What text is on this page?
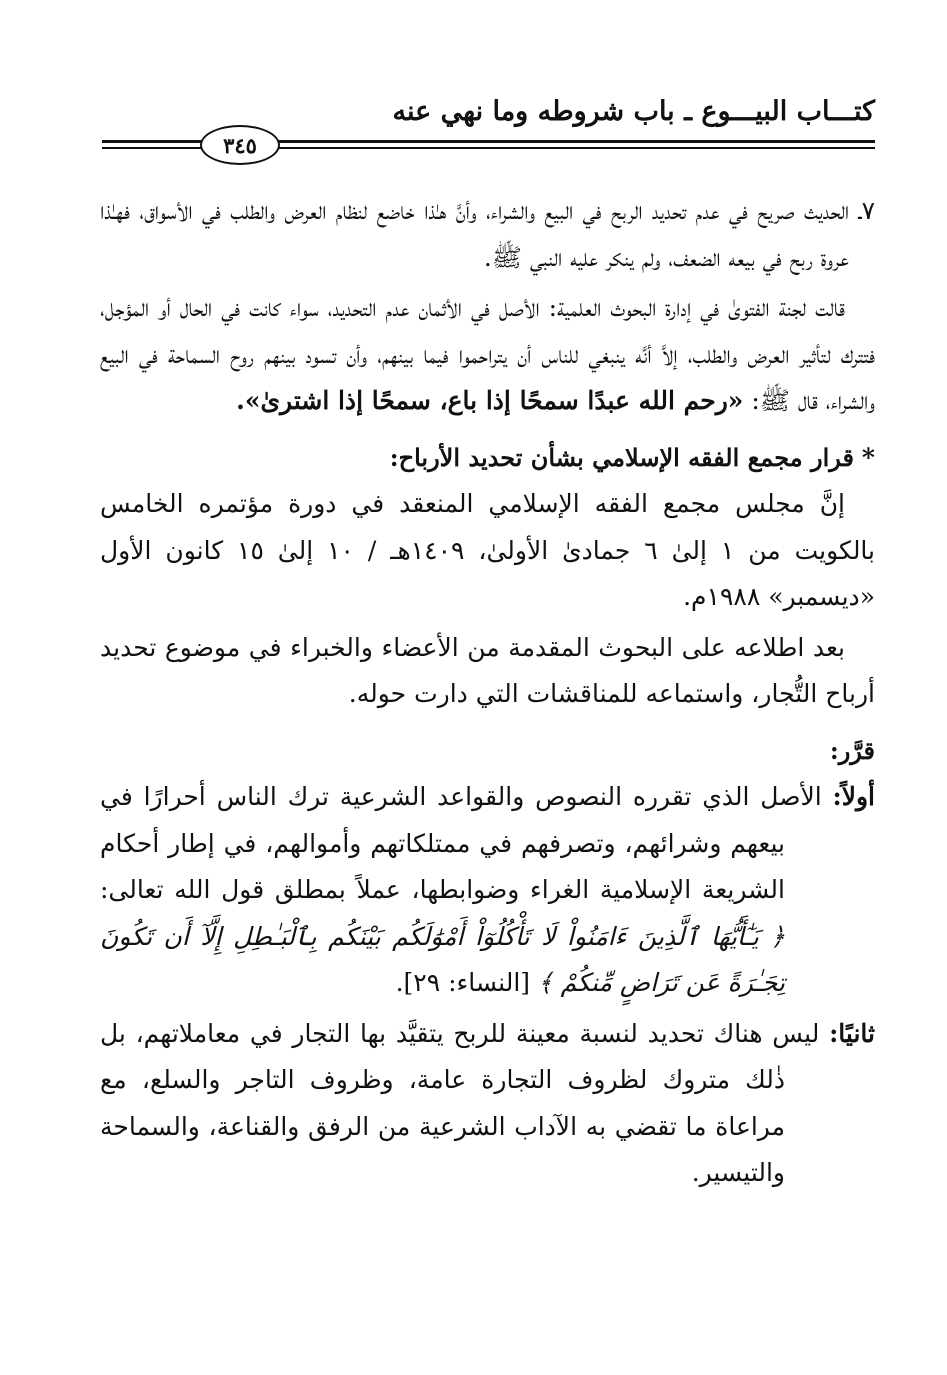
كتـــاب البيـــوع ـ باب شروطه وما نهي عنه
٣٤٥

٧ـ الحديث صريح في عدم تحديد الربح في البيع والشراء، وأنَّ هـٰذا خاضع لنظام العرض والطلب في الأسواق، فهـٰذا عروة ربح في بيعه الضعف، ولم ينكر عليه النبي ﷺ.

قالت لجنة الفتوىٰ في إدارة البحوث العلمية: الأصل في الأثمان عدم التحديد، سواء كانت في الحال أو المؤجل، فتترك لتأثير العرض والطلب، إلاَّ أنَّه ينبغي للناس أن يتراحموا فيما بينهم، وأن تسود بينهم روح السماحة في البيع والشراء، قال ﷺ: «رحم الله عبدًا سمحًا إذا باع، سمحًا إذا اشترىٰ».

* قرار مجمع الفقه الإسلامي بشأن تحديد الأرباح:

إنَّ مجلس مجمع الفقه الإسلامي المنعقد في دورة مؤتمره الخامس بالكويت من ١ إلىٰ ٦ جمادىٰ الأولىٰ، ١٤٠٩هـ / ١٠ إلىٰ ١٥ كانون الأول «ديسمبر» ١٩٨٨م.

بعد اطلاعه على البحوث المقدمة من الأعضاء والخبراء في موضوع تحديد أرباح التُّجار، واستماعه للمناقشات التي دارت حوله.

قرَّر:

أولاً: الأصل الذي تقرره النصوص والقواعد الشرعية ترك الناس أحرارًا في بيعهم وشرائهم، وتصرفهم في ممتلكاتهم وأموالهم، في إطار أحكام الشريعة الإسلامية الغراء وضوابطها، عملاً بمطلق قول الله تعالى: ﴿ يَـٰٓأَيُّهَا ٱلَّذِينَ ءَامَنُواْ لَا تَأْكُلُوٓاْ أَمْوَٰلَكُم بَيْنَكُم بِٱلْبَـٰطِلِ إِلَّآ أَن تَكُونَ تِجَـٰرَةً عَن تَرَاضٍ مِّنكُمْ ﴾ [النساء: ٢٩].

ثانيًا: ليس هناك تحديد لنسبة معينة للربح يتقيَّد بها التجار في معاملاتهم، بل ذٰلك متروك لظروف التجارة عامة، وظروف التاجر والسلع، مع مراعاة ما تقضي به الآداب الشرعية من الرفق والقناعة، والسماحة والتيسير.
